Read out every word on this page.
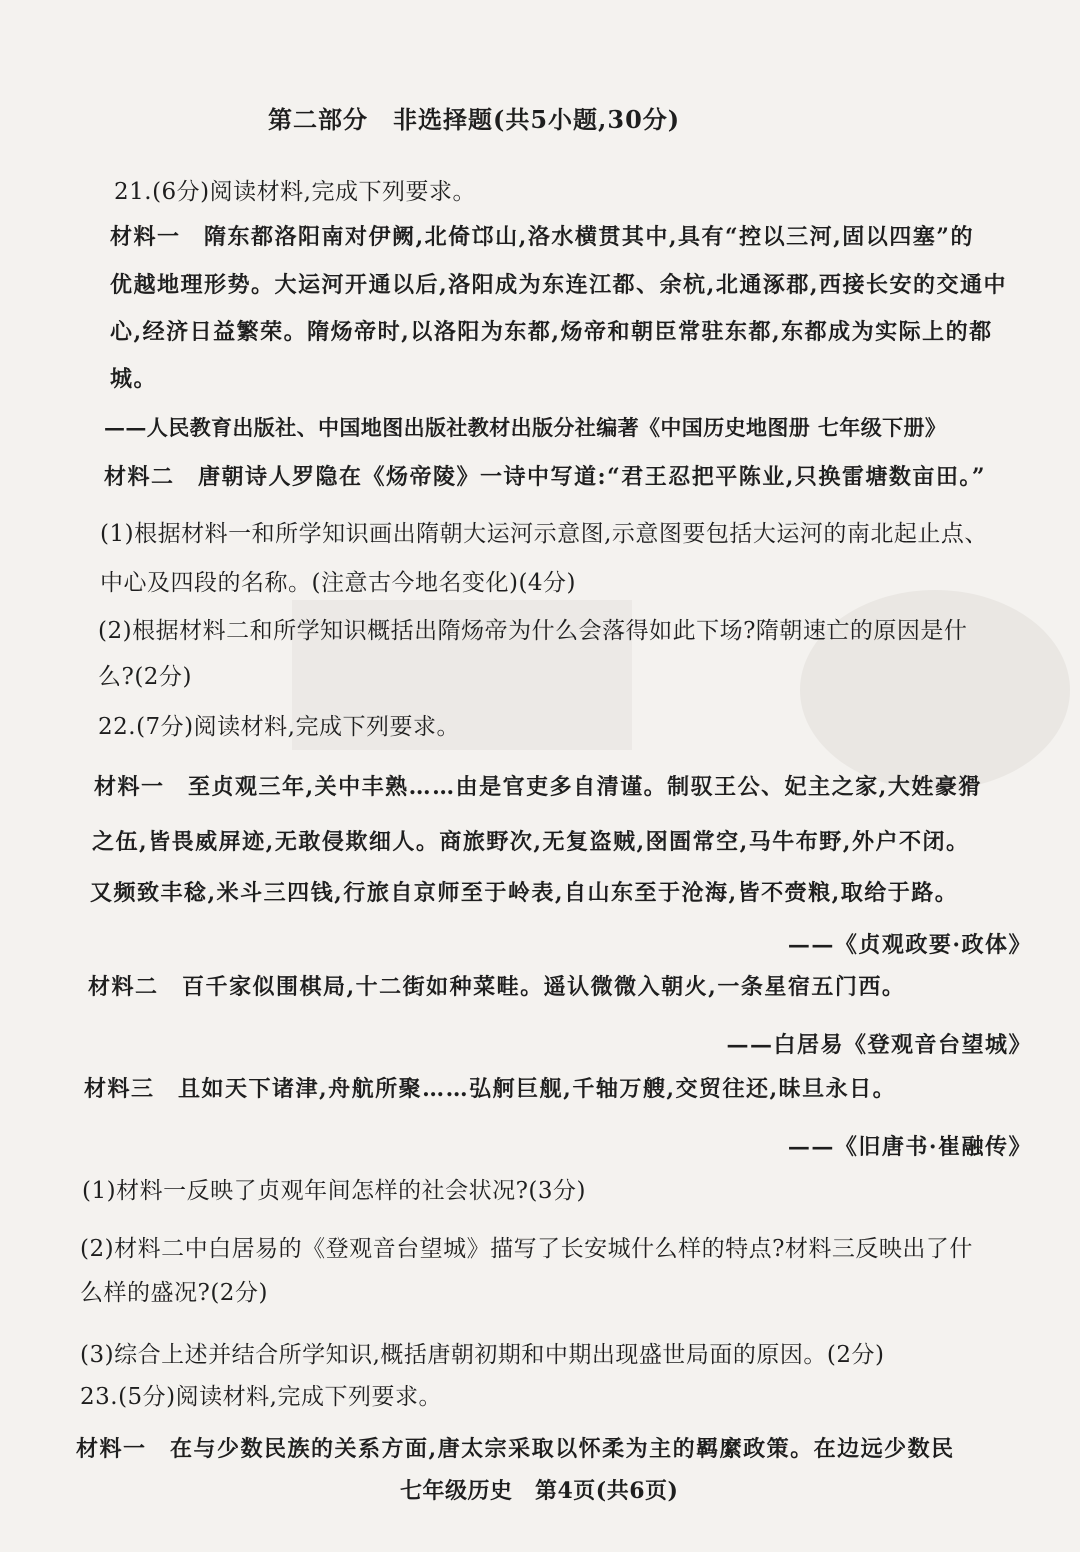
第二部分　非选择题(共5小题,30分)
21.(6分)阅读材料,完成下列要求。
材料一　隋东都洛阳南对伊阙,北倚邙山,洛水横贯其中,具有“控以三河,固以四塞”的
优越地理形势。大运河开通以后,洛阳成为东连江都、余杭,北通涿郡,西接长安的交通中
心,经济日益繁荣。隋炀帝时,以洛阳为东都,炀帝和朝臣常驻东都,东都成为实际上的都
城。
——人民教育出版社、中国地图出版社教材出版分社编著《中国历史地图册 七年级下册》
材料二　唐朝诗人罗隐在《炀帝陵》一诗中写道:“君王忍把平陈业,只换雷塘数亩田。”
(1)根据材料一和所学知识画出隋朝大运河示意图,示意图要包括大运河的南北起止点、
中心及四段的名称。(注意古今地名变化)(4分)
(2)根据材料二和所学知识概括出隋炀帝为什么会落得如此下场?隋朝速亡的原因是什
么?(2分)
22.(7分)阅读材料,完成下列要求。
材料一　至贞观三年,关中丰熟……由是官吏多自清谨。制驭王公、妃主之家,大姓豪猾
之伍,皆畏威屏迹,无敢侵欺细人。商旅野次,无复盗贼,囹圄常空,马牛布野,外户不闭。
又频致丰稔,米斗三四钱,行旅自京师至于岭表,自山东至于沧海,皆不赍粮,取给于路。
——《贞观政要·政体》
材料二　百千家似围棋局,十二街如种菜畦。遥认微微入朝火,一条星宿五门西。
——白居易《登观音台望城》
材料三　且如天下诸津,舟航所聚……弘舸巨舰,千轴万艘,交贸往还,昧旦永日。
——《旧唐书·崔融传》
(1)材料一反映了贞观年间怎样的社会状况?(3分)
(2)材料二中白居易的《登观音台望城》描写了长安城什么样的特点?材料三反映出了什
么样的盛况?(2分)
(3)综合上述并结合所学知识,概括唐朝初期和中期出现盛世局面的原因。(2分)
23.(5分)阅读材料,完成下列要求。
材料一　在与少数民族的关系方面,唐太宗采取以怀柔为主的羁縻政策。在边远少数民
七年级历史　第4页(共6页)
